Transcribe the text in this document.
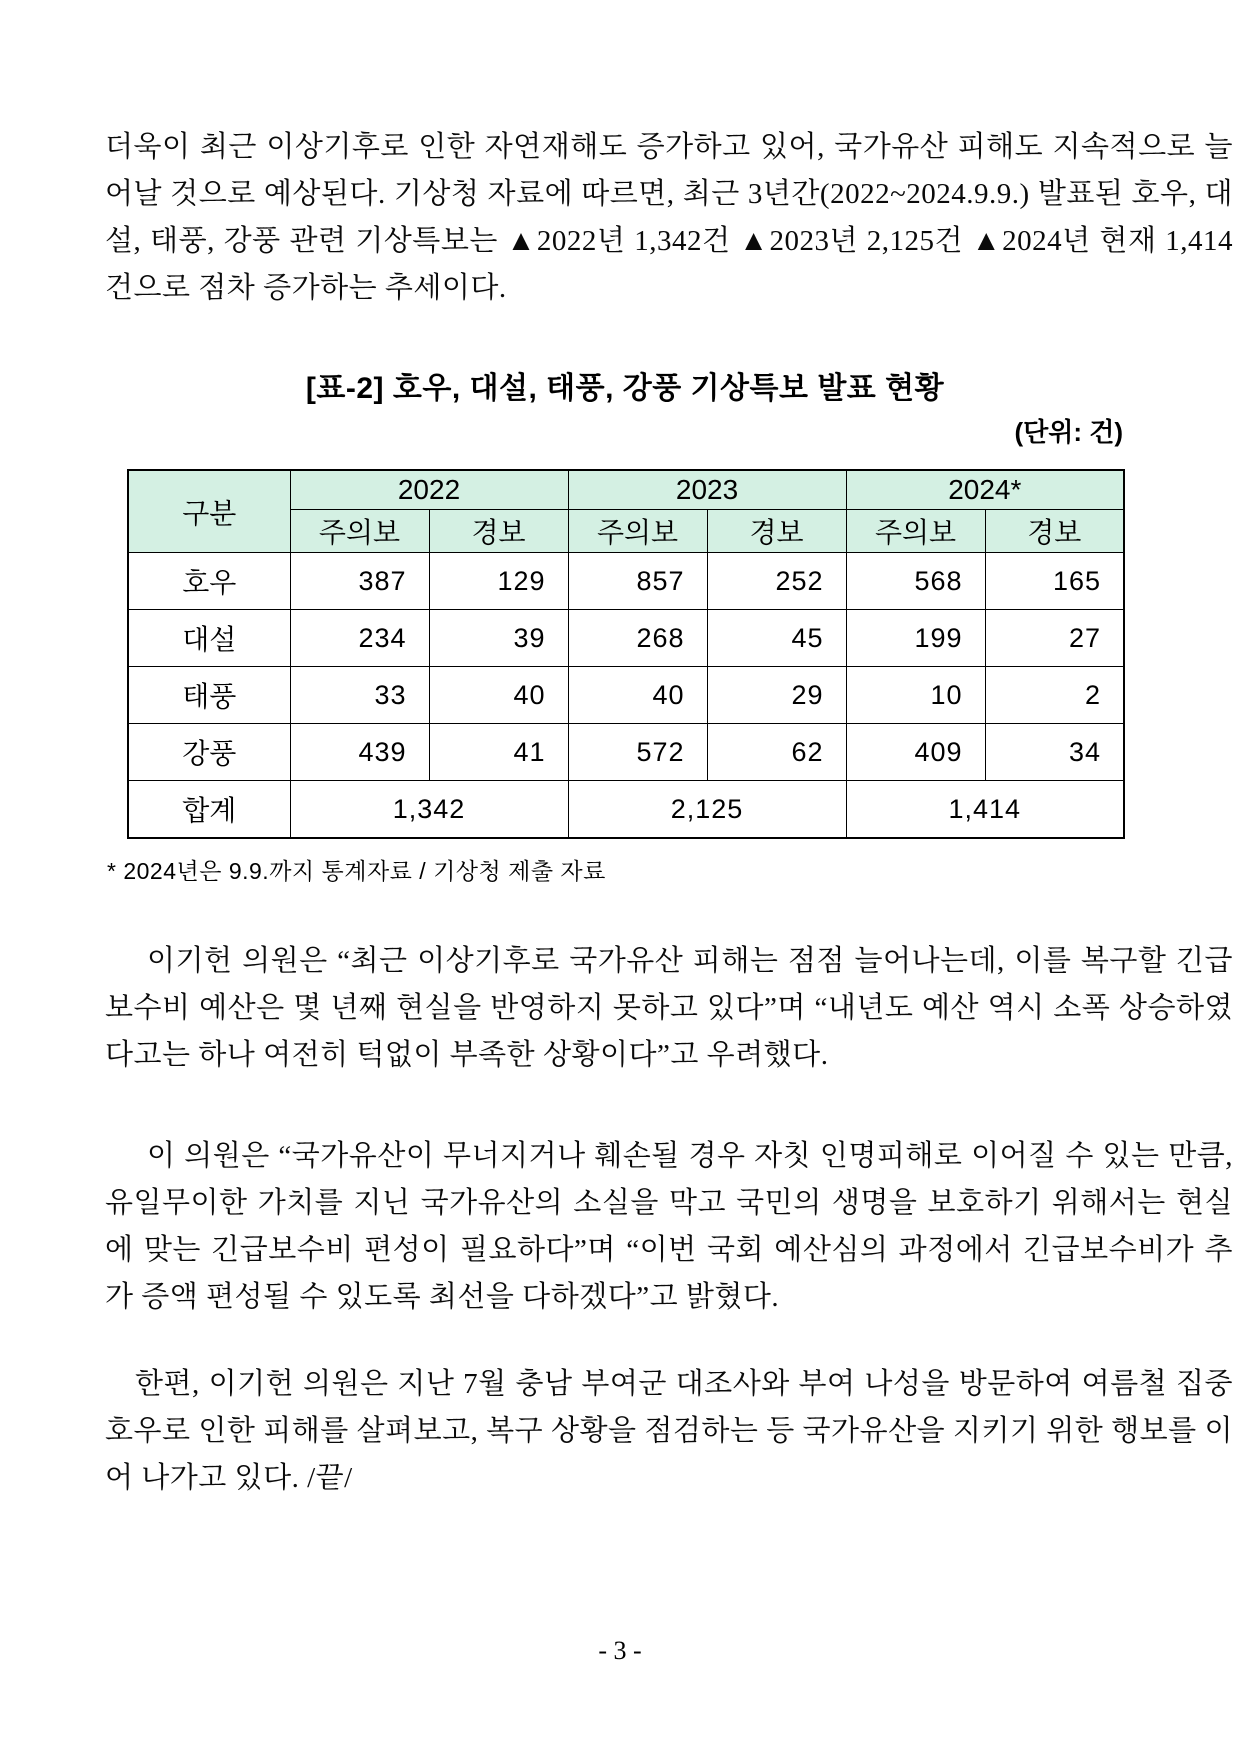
더욱이 최근 이상기후로 인한 자연재해도 증가하고 있어, 국가유산 피해도 지속적으로 늘어날 것으로 예상된다. 기상청 자료에 따르면, 최근 3년간(2022~2024.9.9.) 발표된 호우, 대설, 태풍, 강풍 관련 기상특보는 ▲2022년 1,342건 ▲2023년 2,125건 ▲2024년 현재 1,414건으로 점차 증가하는 추세이다.

[표-2] 호우, 대설, 태풍, 강풍 기상특보 발표 현황
(단위: 건)
구분	2022		2023		2024*	
	주의보	경보	주의보	경보	주의보	경보
호우	387	129	857	252	568	165
대설	234	39	268	45	199	27
태풍	33	40	40	29	10	2
강풍	439	41	572	62	409	34
합계	1,342		2,125		1,414	
* 2024년은 9.9.까지 통계자료 / 기상청 제출 자료

이기헌 의원은 “최근 이상기후로 국가유산 피해는 점점 늘어나는데, 이를 복구할 긴급보수비 예산은 몇 년째 현실을 반영하지 못하고 있다”며 “내년도 예산 역시 소폭 상승하였다고는 하나 여전히 턱없이 부족한 상황이다”고 우려했다.

이 의원은 “국가유산이 무너지거나 훼손될 경우 자칫 인명피해로 이어질 수 있는 만큼, 유일무이한 가치를 지닌 국가유산의 소실을 막고 국민의 생명을 보호하기 위해서는 현실에 맞는 긴급보수비 편성이 필요하다”며 “이번 국회 예산심의 과정에서 긴급보수비가 추가 증액 편성될 수 있도록 최선을 다하겠다”고 밝혔다.

한편, 이기헌 의원은 지난 7월 충남 부여군 대조사와 부여 나성을 방문하여 여름철 집중호우로 인한 피해를 살펴보고, 복구 상황을 점검하는 등 국가유산을 지키기 위한 행보를 이어 나가고 있다. /끝/

- 3 -
